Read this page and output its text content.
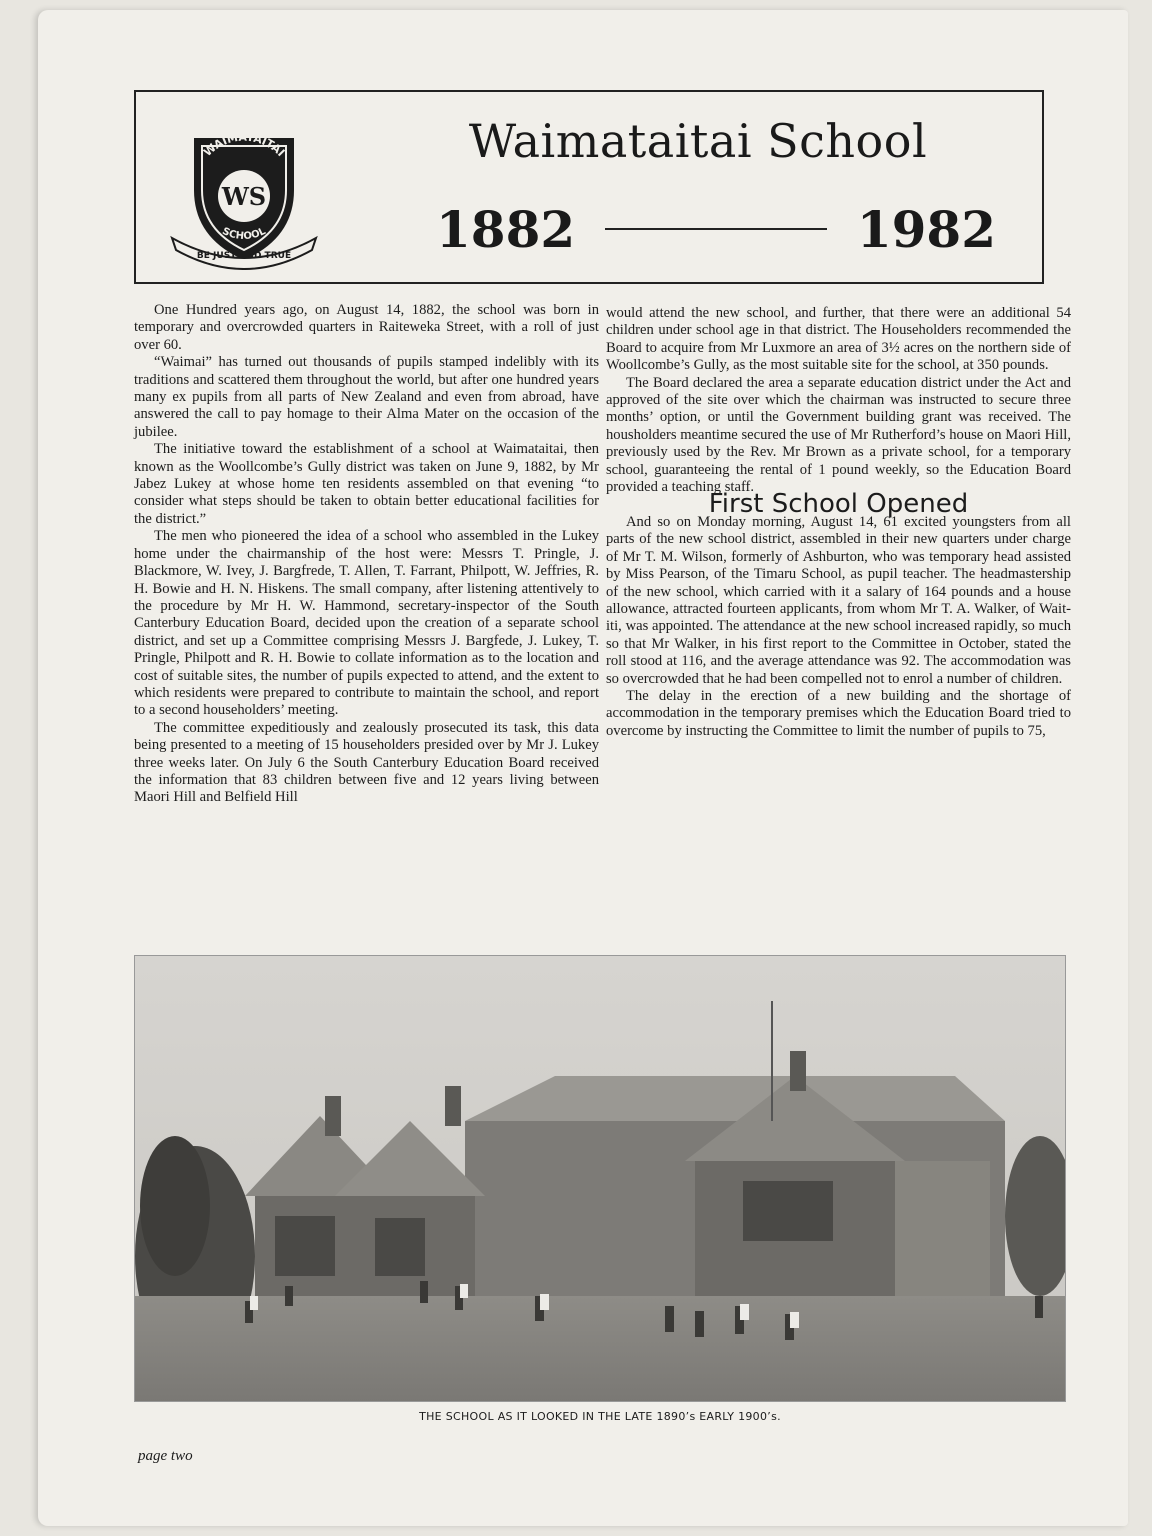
WAIMATAITAI
WS
SCHOOL
BE JUST AND TRUE
Waimataitai School
1882	1982

One Hundred years ago, on August 14, 1882, the school was born in temporary and overcrowded quarters in Raiteweka Street, with a roll of just over 60.

“Waimai” has turned out thousands of pupils stamped indelibly with its traditions and scattered them throughout the world, but after one hundred years many ex pupils from all parts of New Zealand and even from abroad, have answered the call to pay homage to their Alma Mater on the occasion of the jubilee.

The initiative toward the establishment of a school at Waimataitai, then known as the Woollcombe’s Gully district was taken on June 9, 1882, by Mr Jabez Lukey at whose home ten residents assembled on that evening “to consider what steps should be taken to obtain better educational facilities for the district.”

The men who pioneered the idea of a school who assembled in the Lukey home under the chairmanship of the host were: Messrs T. Pringle, J. Blackmore, W. Ivey, J. Bargfrede, T. Allen, T. Farrant, Philpott, W. Jeffries, R. H. Bowie and H. N. Hiskens. The small company, after listening attentively to the procedure by Mr H. W. Hammond, secretary-inspector of the South Canterbury Education Board, decided upon the creation of a separate school district, and set up a Committee comprising Messrs J. Bargfede, J. Lukey, T. Pringle, Philpott and R. H. Bowie to collate information as to the location and cost of suitable sites, the number of pupils expected to attend, and the extent to which residents were prepared to contribute to maintain the school, and report to a second householders’ meeting.

The committee expeditiously and zealously prosecuted its task, this data being presented to a meeting of 15 householders presided over by Mr J. Lukey three weeks later. On July 6 the South Canterbury Education Board received the information that 83 children between five and 12 years living between Maori Hill and Belfield Hill

would attend the new school, and further, that there were an additional 54 children under school age in that district. The Householders recommended the Board to acquire from Mr Luxmore an area of 3½ acres on the northern side of Woollcombe’s Gully, as the most suitable site for the school, at 350 pounds.

The Board declared the area a separate education district under the Act and approved of the site over which the chairman was instructed to secure three months’ option, or until the Government building grant was received. The housholders meantime secured the use of Mr Rutherford’s house on Maori Hill, previously used by the Rev. Mr Brown as a private school, for a temporary school, guaranteeing the rental of 1 pound weekly, so the Education Board provided a teaching staff.

First School Opened

And so on Monday morning, August 14, 61 excited youngsters from all parts of the new school district, assembled in their new quarters under charge of Mr T. M. Wilson, formerly of Ashburton, who was temporary head assisted by Miss Pearson, of the Timaru School, as pupil teacher. The headmastership of the new school, which carried with it a salary of 164 pounds and a house allowance, attracted fourteen applicants, from whom Mr T. A. Walker, of Wait-iti, was appointed. The attendance at the new school increased rapidly, so much so that Mr Walker, in his first report to the Committee in October, stated the roll stood at 116, and the average attendance was 92. The accommodation was so overcrowded that he had been compelled not to enrol a number of children.

The delay in the erection of a new building and the shortage of accommodation in the temporary premises which the Education Board tried to overcome by instructing the Committee to limit the number of pupils to 75,

THE SCHOOL AS IT LOOKED IN THE LATE 1890’s EARLY 1900’s.
page two
